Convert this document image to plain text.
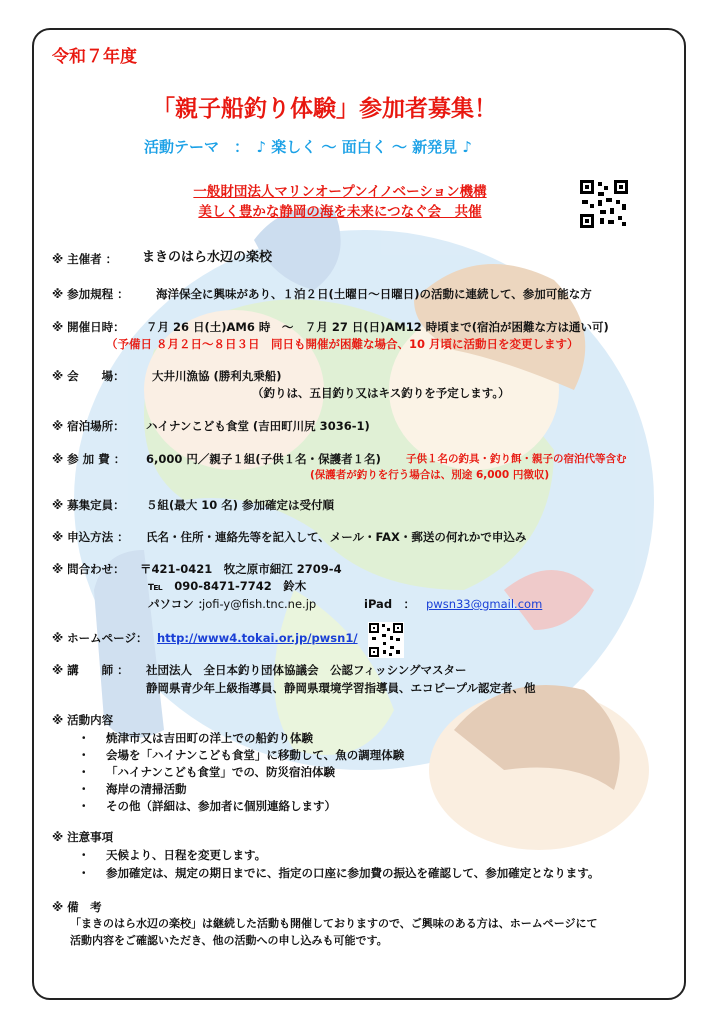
令和７年度
「親子船釣り体験」参加者募集！
活動テーマ　：　♪ 楽しく ～ 面白く ～ 新発見 ♪
一般財団法人マリンオープンイノベーション機構
美しく豊かな静岡の海を未来につなぐ会　共催
※ 主催者 ： まきのはら水辺の楽校
※ 参加規程 ： 海洋保全に興味があり、１泊２日(土曜日～日曜日)の活動に連続して、参加可能な方
※ 開催日時： ７月 26 日(土)AM6 時　～　７月 27 日(日)AM12 時頃まで(宿泊が困難な方は通い可)
（予備日 ８月２日～８日３日　同日も開催が困難な場合、10 月頃に活動日を変更します）
※ 会　　場： 大井川漁協 (勝利丸乗船)
（釣りは、五目釣り又はキス釣りを予定します。）
※ 宿泊場所： ハイナンこども食堂 (吉田町川尻 3036-1)
※ 参 加 費 ： 6,000 円／親子１組(子供１名・保護者１名) 子供１名の釣具・釣り餌・親子の宿泊代等含む
(保護者が釣りを行う場合は、別途 6,000 円徴収)
※ 募集定員： ５組(最大 10 名) 参加確定は受付順
※ 申込方法 ： 氏名・住所・連絡先等を記入して、メール・FAX・郵送の何れかで申込み
※ 問合わせ： 〒421-0421　牧之原市細江 2709-4
℡　090-8471-7742　鈴木
パソコン ：
jofi-y@fish.tnc.ne.jp	iPad　： pwsn33@gmail.com
※ ホームページ： http://www4.tokai.or.jp/pwsn1/
※ 講　　師 ： 社団法人　全日本釣り団体協議会　公認フィッシングマスター
静岡県青少年上級指導員、静岡県環境学習指導員、エコピープル認定者、他
※ 活動内容
・ 焼津市又は吉田町の洋上での船釣り体験
・ 会場を「ハイナンこども食堂」に移動して、魚の調理体験
・ 「ハイナンこども食堂」での、防災宿泊体験
・ 海岸の清掃活動
・ その他（詳細は、参加者に個別連絡します）
※ 注意事項
・ 天候より、日程を変更します。
・ 参加確定は、規定の期日までに、指定の口座に参加費の振込を確認して、参加確定となります。
※ 備　考
「まきのはら水辺の楽校」は継続した活動も開催しておりますので、ご興味のある方は、ホームページにて
活動内容をご確認いただき、他の活動への申し込みも可能です。
